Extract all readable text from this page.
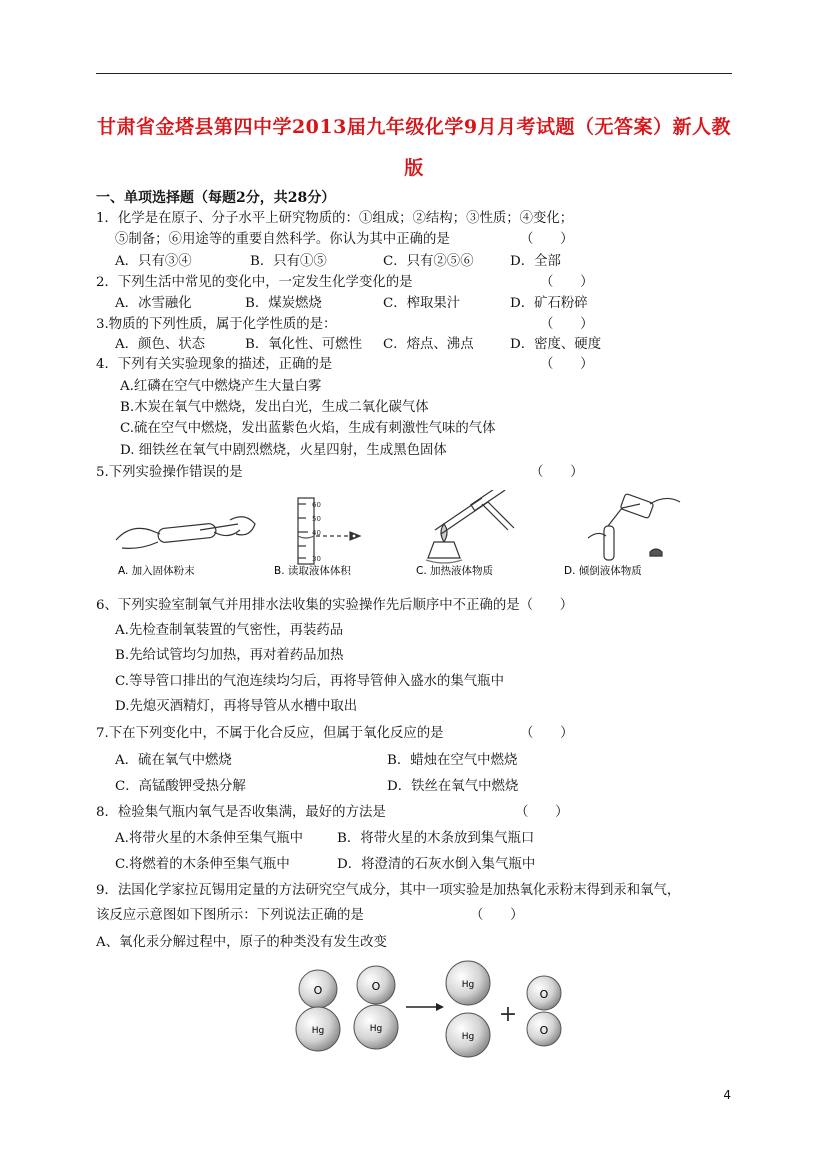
甘肃省金塔县第四中学2013届九年级化学9月月考试题（无答案）新人教
版
一、单项选择题（每题2分，共28分）
1．化学是在原子、分子水平上研究物质的：①组成；②结构；③性质；④变化；
⑤制备；⑥用途等的重要自然科学。你认为其中正确的是	（　　）
A．只有③④	B．只有①⑤	C．只有②⑤⑥	D．全部
2．下列生活中常见的变化中，一定发生化学变化的是	（　　）
A．冰雪融化	B．煤炭燃烧	C．榨取果汁	D．矿石粉碎
3.物质的下列性质，属于化学性质的是：	（　　）
A．颜色、状态	B．氧化性、可燃性 C．熔点、沸点	D．密度、硬度
4．下列有关实验现象的描述，正确的是	（　　）
A.红磷在空气中燃烧产生大量白雾
B.木炭在氧气中燃烧，发出白光，生成二氧化碳气体
C.硫在空气中燃烧，发出蓝紫色火焰，生成有刺激性气味的气体
D. 细铁丝在氧气中剧烈燃烧，火星四射，生成黑色固体
5.下列实验操作错误的是	（　　）
A. 加入固体粉末
60
50
40
30
B. 读取液体体积	C. 加热液体物质	D. 倾倒液体物质
6、下列实验室制氧气并用排水法收集的实验操作先后顺序中不正确的是（　　）
A.先检查制氧装置的气密性，再装药品
B.先给试管均匀加热，再对着药品加热
C.等导管口排出的气泡连续均匀后，再将导管伸入盛水的集气瓶中
D.先熄灭酒精灯，再将导管从水槽中取出
7.下在下列变化中，不属于化合反应，但属于氧化反应的是	（　　）
A．硫在氧气中燃烧	B．蜡烛在空气中燃烧
C．高锰酸钾受热分解	D．铁丝在氧气中燃烧
8．检验集气瓶内氧气是否收集满，最好的方法是	（　　）
A.将带火星的木条伸至集气瓶中	B．将带火星的木条放到集气瓶口
C.将燃着的木条伸至集气瓶中	D．将澄清的石灰水倒入集气瓶中
9．法国化学家拉瓦锡用定量的方法研究空气成分，其中一项实验是加热氧化汞粉末得到汞和氧气，
该反应示意图如下图所示：下列说法正确的是	（　　）
A、氧化汞分解过程中，原子的种类没有发生改变
O
Hg
O
Hg
Hg
Hg
+
O
O
4
